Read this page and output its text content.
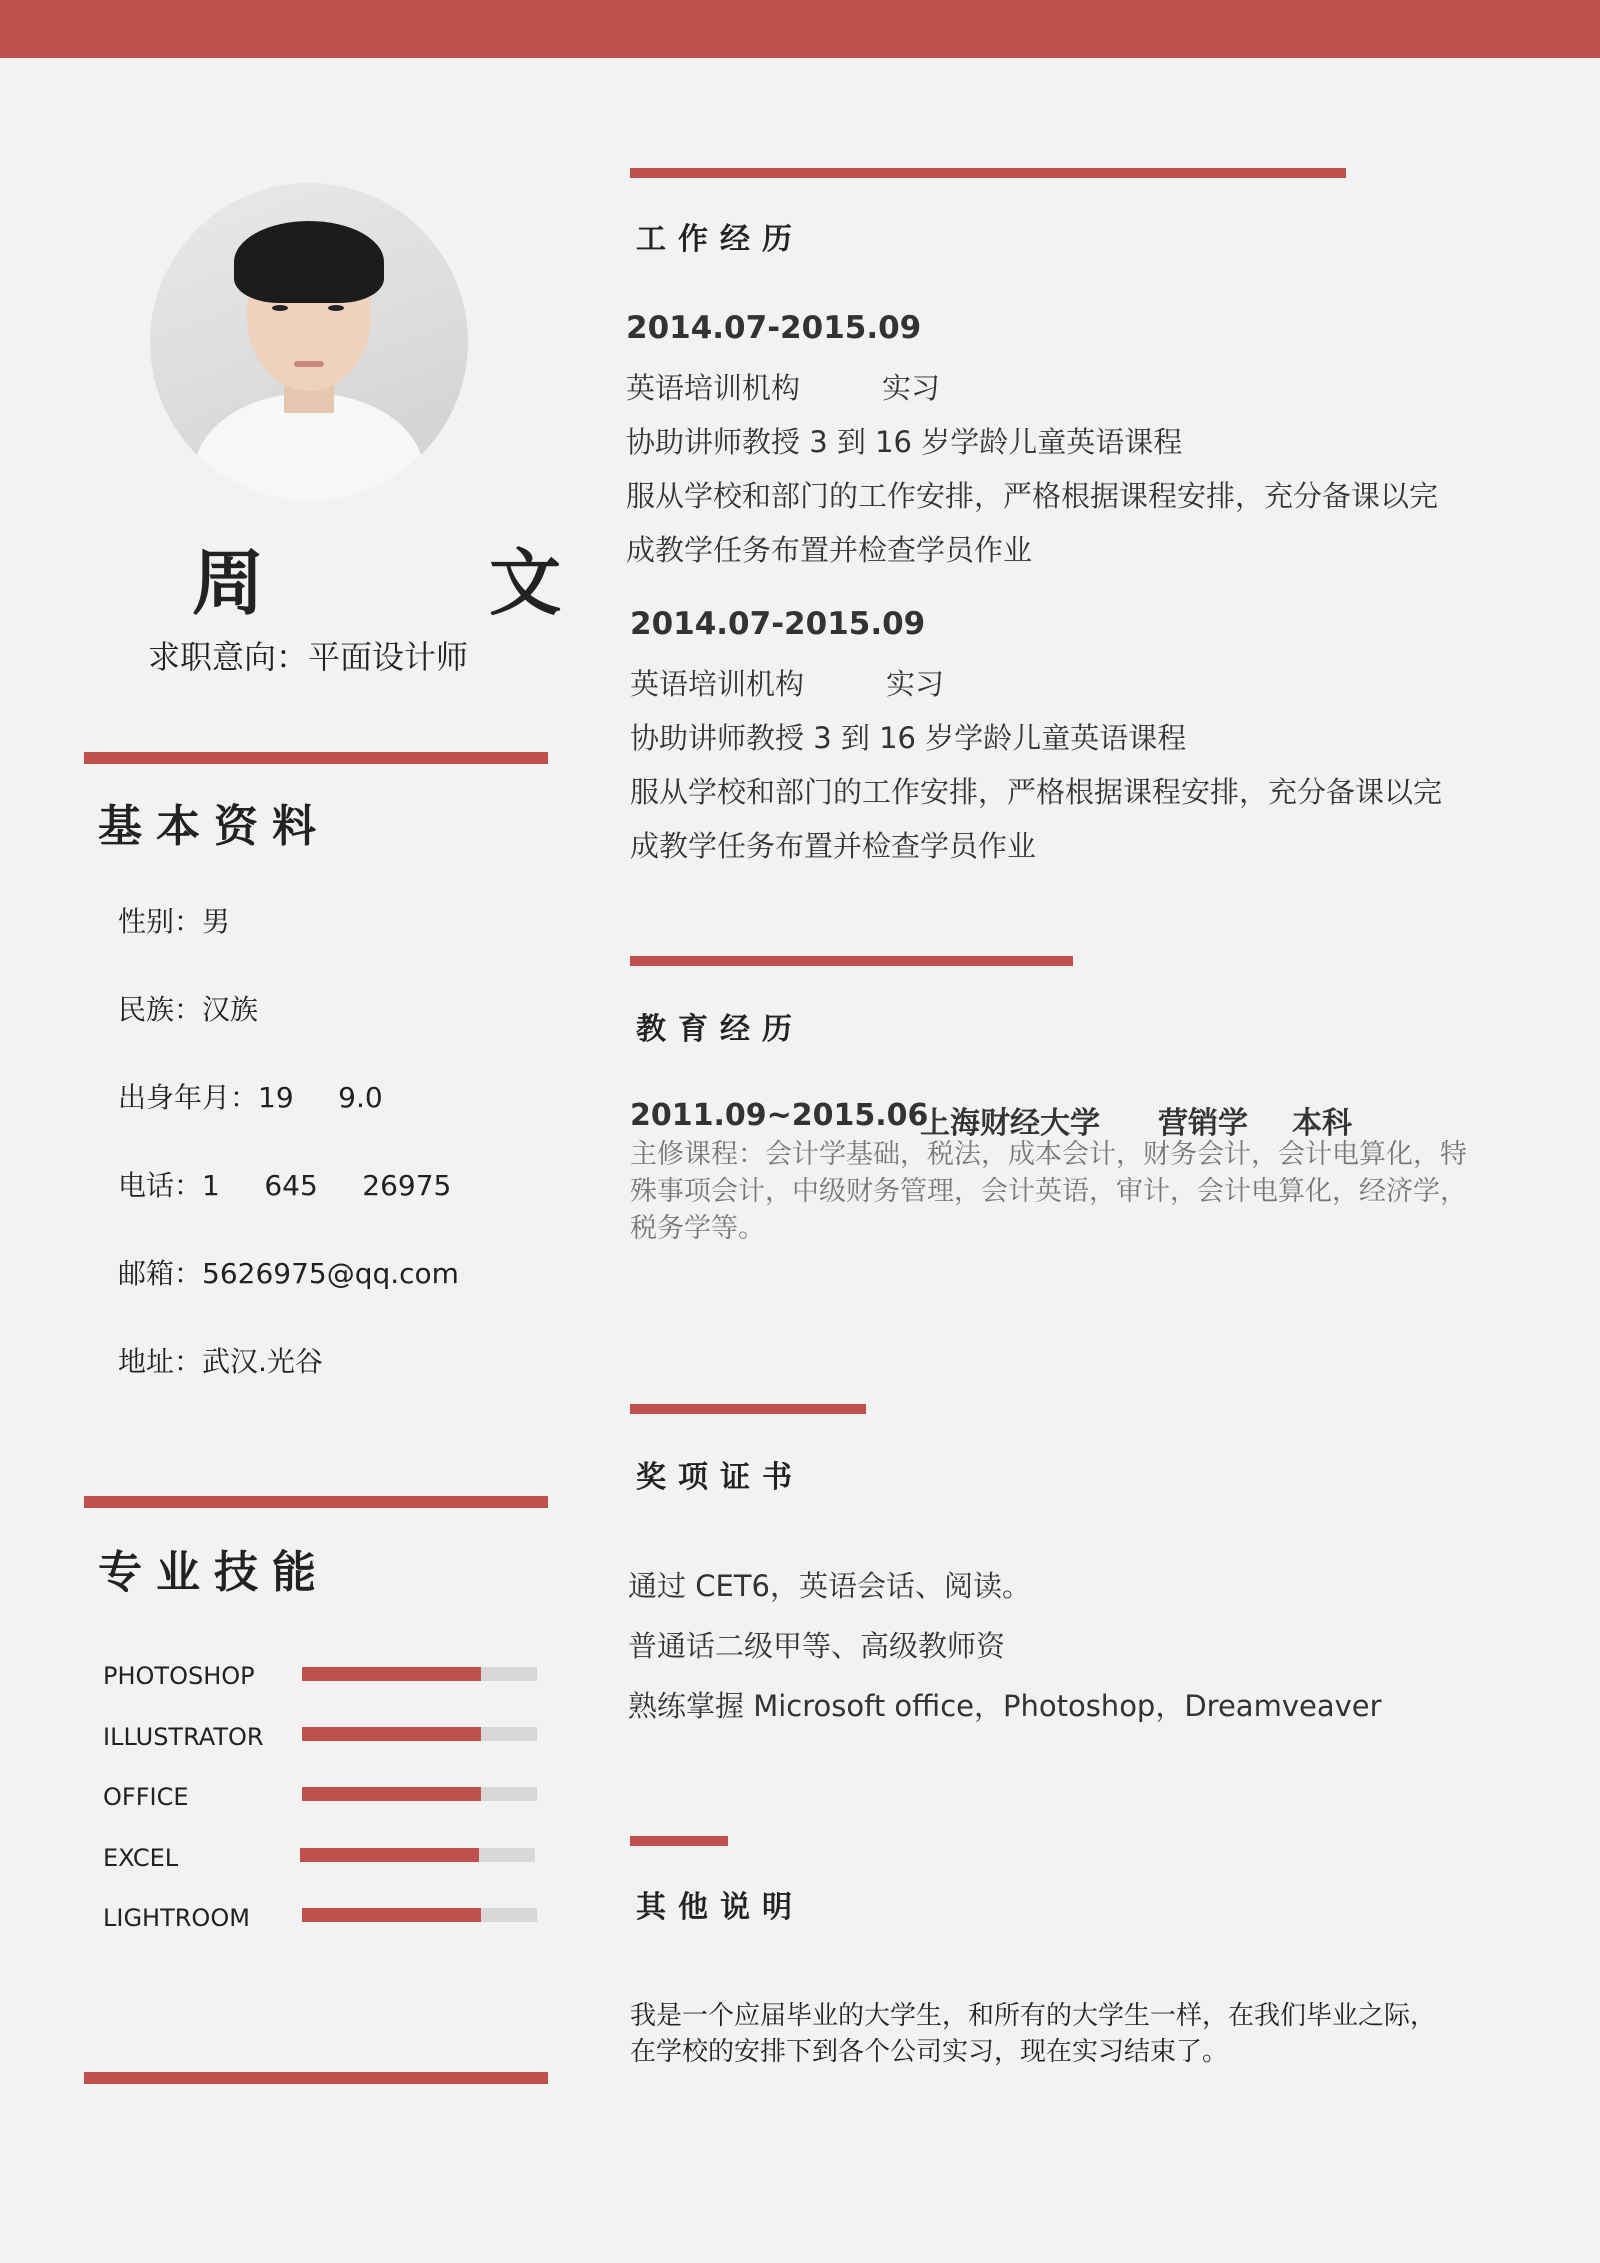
周 文
求职意向：平面设计师
基本资料
性别：男
民族：汉族
出身年月：19     9.0
电话：1     645     26975
邮箱：5626975@qq.com
地址：武汉.光谷
专业技能
PHOTOSHOP
ILLUSTRATOR
OFFICE
EXCEL
LIGHTROOM
工作经历
2014.07-2015.09
英语培训机构	实习
协助讲师教授 3 到 16 岁学龄儿童英语课程
服从学校和部门的工作安排，严格根据课程安排，充分备课以完
成教学任务布置并检查学员作业
2014.07-2015.09
英语培训机构	实习
协助讲师教授 3 到 16 岁学龄儿童英语课程
服从学校和部门的工作安排，严格根据课程安排，充分备课以完
成教学任务布置并检查学员作业
教育经历
2011.09~2015.06
上海财经大学 营销学 本科
主修课程：会计学基础，税法，成本会计，财务会计，会计电算化，特殊事项会计，中级财务管理，会计英语，审计，会计电算化，经济学，税务学等。
奖项证书
通过 CET6，英语会话、阅读。
普通话二级甲等、高级教师资
熟练掌握 Microsoft office，Photoshop，Dreamveaver
其他说明
我是一个应届毕业的大学生，和所有的大学生一样，在我们毕业之际，
在学校的安排下到各个公司实习，现在实习结束了。
